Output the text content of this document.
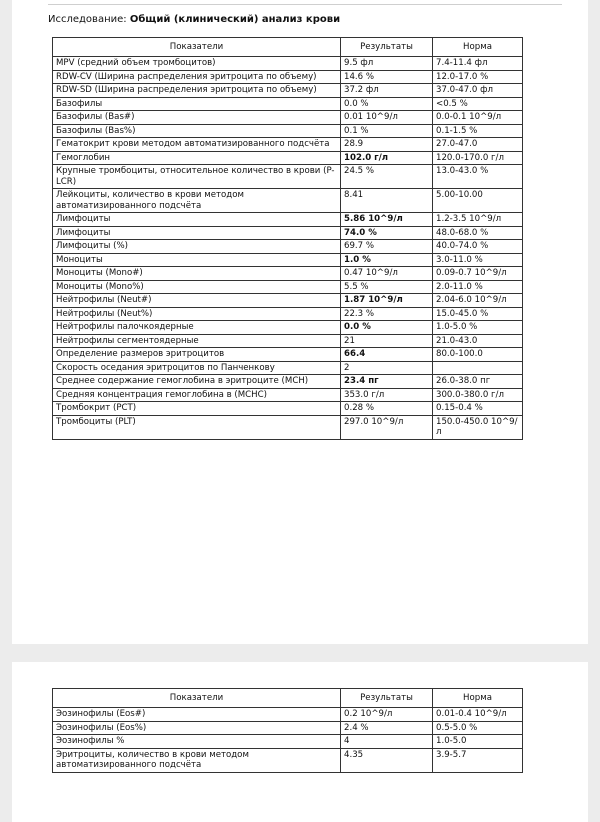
Исследование: Общий (клинический) анализ крови
Показатели	Результаты	Норма
MPV (средний объем тромбоцитов)	9.5 фл	7.4-11.4 фл
RDW-CV (Ширина распределения эритроцита по объему)	14.6 %	12.0-17.0 %
RDW-SD (Ширина распределения эритроцита по объему)	37.2 фл	37.0-47.0 фл
Базофилы	0.0 %	<0.5 %
Базофилы (Bas#)	0.01 10^9/л	0.0-0.1 10^9/л
Базофилы (Bas%)	0.1 %	0.1-1.5 %
Гематокрит крови методом автоматизированного подсчёта	28.9	27.0-47.0
Гемоглобин	102.0 г/л	120.0-170.0 г/л
Крупные тромбоциты, относительное количество в крови (P-LCR)	24.5 %	13.0-43.0 %
Лейкоциты, количество в крови методом автоматизированного подсчёта	8.41	5.00-10.00
Лимфоциты	5.86 10^9/л	1.2-3.5 10^9/л
Лимфоциты	74.0 %	48.0-68.0 %
Лимфоциты (%)	69.7 %	40.0-74.0 %
Моноциты	1.0 %	3.0-11.0 %
Моноциты (Mono#)	0.47 10^9/л	0.09-0.7 10^9/л
Моноциты (Mono%)	5.5 %	2.0-11.0 %
Нейтрофилы (Neut#)	1.87 10^9/л	2.04-6.0 10^9/л
Нейтрофилы (Neut%)	22.3 %	15.0-45.0 %
Нейтрофилы палочкоядерные	0.0 %	1.0-5.0 %
Нейтрофилы сегментоядерные	21	21.0-43.0
Определение размеров эритроцитов	66.4	80.0-100.0
Скорость оседания эритроцитов по Панченкову	2	
Среднее содержание гемоглобина в эритроците (MCH)	23.4 пг	26.0-38.0 пг
Средняя концентрация гемоглобина в (MCHC)	353.0 г/л	300.0-380.0 г/л
Тромбокрит (PCT)	0.28 %	0.15-0.4 %
Тромбоциты (PLT)	297.0 10^9/л	150.0-450.0 10^9/л
Показатели	Результаты	Норма
Эозинофилы (Eos#)	0.2 10^9/л	0.01-0.4 10^9/л
Эозинофилы (Eos%)	2.4 %	0.5-5.0 %
Эозинофилы %	4	1.0-5.0
Эритроциты, количество в крови методом автоматизированного подсчёта	4.35	3.9-5.7
